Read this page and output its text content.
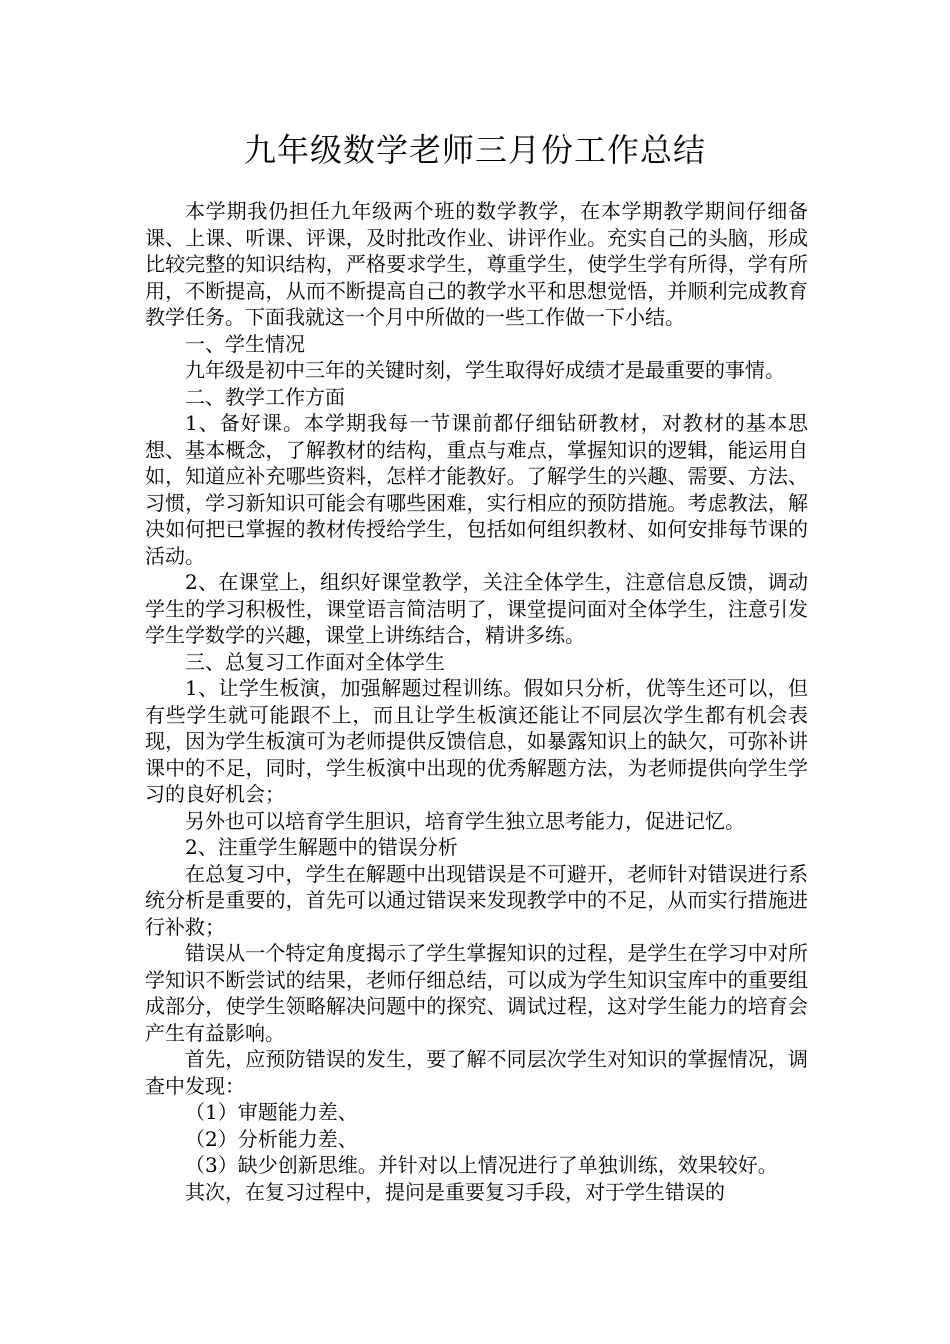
九年级数学老师三月份工作总结

本学期我仍担任九年级两个班的数学教学，在本学期教学期间仔细备课、上课、听课、评课，及时批改作业、讲评作业。充实自己的头脑，形成比较完整的知识结构，严格要求学生，尊重学生，使学生学有所得，学有所用，不断提高，从而不断提高自己的教学水平和思想觉悟，并顺利完成教育教学任务。下面我就这一个月中所做的一些工作做一下小结。

一、学生情况

九年级是初中三年的关键时刻，学生取得好成绩才是最重要的事情。

二、教学工作方面

1、备好课。本学期我每一节课前都仔细钻研教材，对教材的基本思想、基本概念，了解教材的结构，重点与难点，掌握知识的逻辑，能运用自如，知道应补充哪些资料，怎样才能教好。了解学生的兴趣、需要、方法、习惯，学习新知识可能会有哪些困难，实行相应的预防措施。考虑教法，解决如何把已掌握的教材传授给学生，包括如何组织教材、如何安排每节课的活动。

2、在课堂上，组织好课堂教学，关注全体学生，注意信息反馈，调动学生的学习积极性，课堂语言简洁明了，课堂提问面对全体学生，注意引发学生学数学的兴趣，课堂上讲练结合，精讲多练。

三、总复习工作面对全体学生

1、让学生板演，加强解题过程训练。假如只分析，优等生还可以，但有些学生就可能跟不上，而且让学生板演还能让不同层次学生都有机会表现，因为学生板演可为老师提供反馈信息，如暴露知识上的缺欠，可弥补讲课中的不足，同时，学生板演中出现的优秀解题方法，为老师提供向学生学习的良好机会；

另外也可以培育学生胆识，培育学生独立思考能力，促进记忆。

2、注重学生解题中的错误分析

在总复习中，学生在解题中出现错误是不可避开，老师针对错误进行系统分析是重要的，首先可以通过错误来发现教学中的不足，从而实行措施进行补救；

错误从一个特定角度揭示了学生掌握知识的过程，是学生在学习中对所学知识不断尝试的结果，老师仔细总结，可以成为学生知识宝库中的重要组成部分，使学生领略解决问题中的探究、调试过程，这对学生能力的培育会产生有益影响。

首先，应预防错误的发生，要了解不同层次学生对知识的掌握情况，调查中发现：

（1）审题能力差、

（2）分析能力差、

（3）缺少创新思维。并针对以上情况进行了单独训练，效果较好。

其次，在复习过程中，提问是重要复习手段，对于学生错误的
